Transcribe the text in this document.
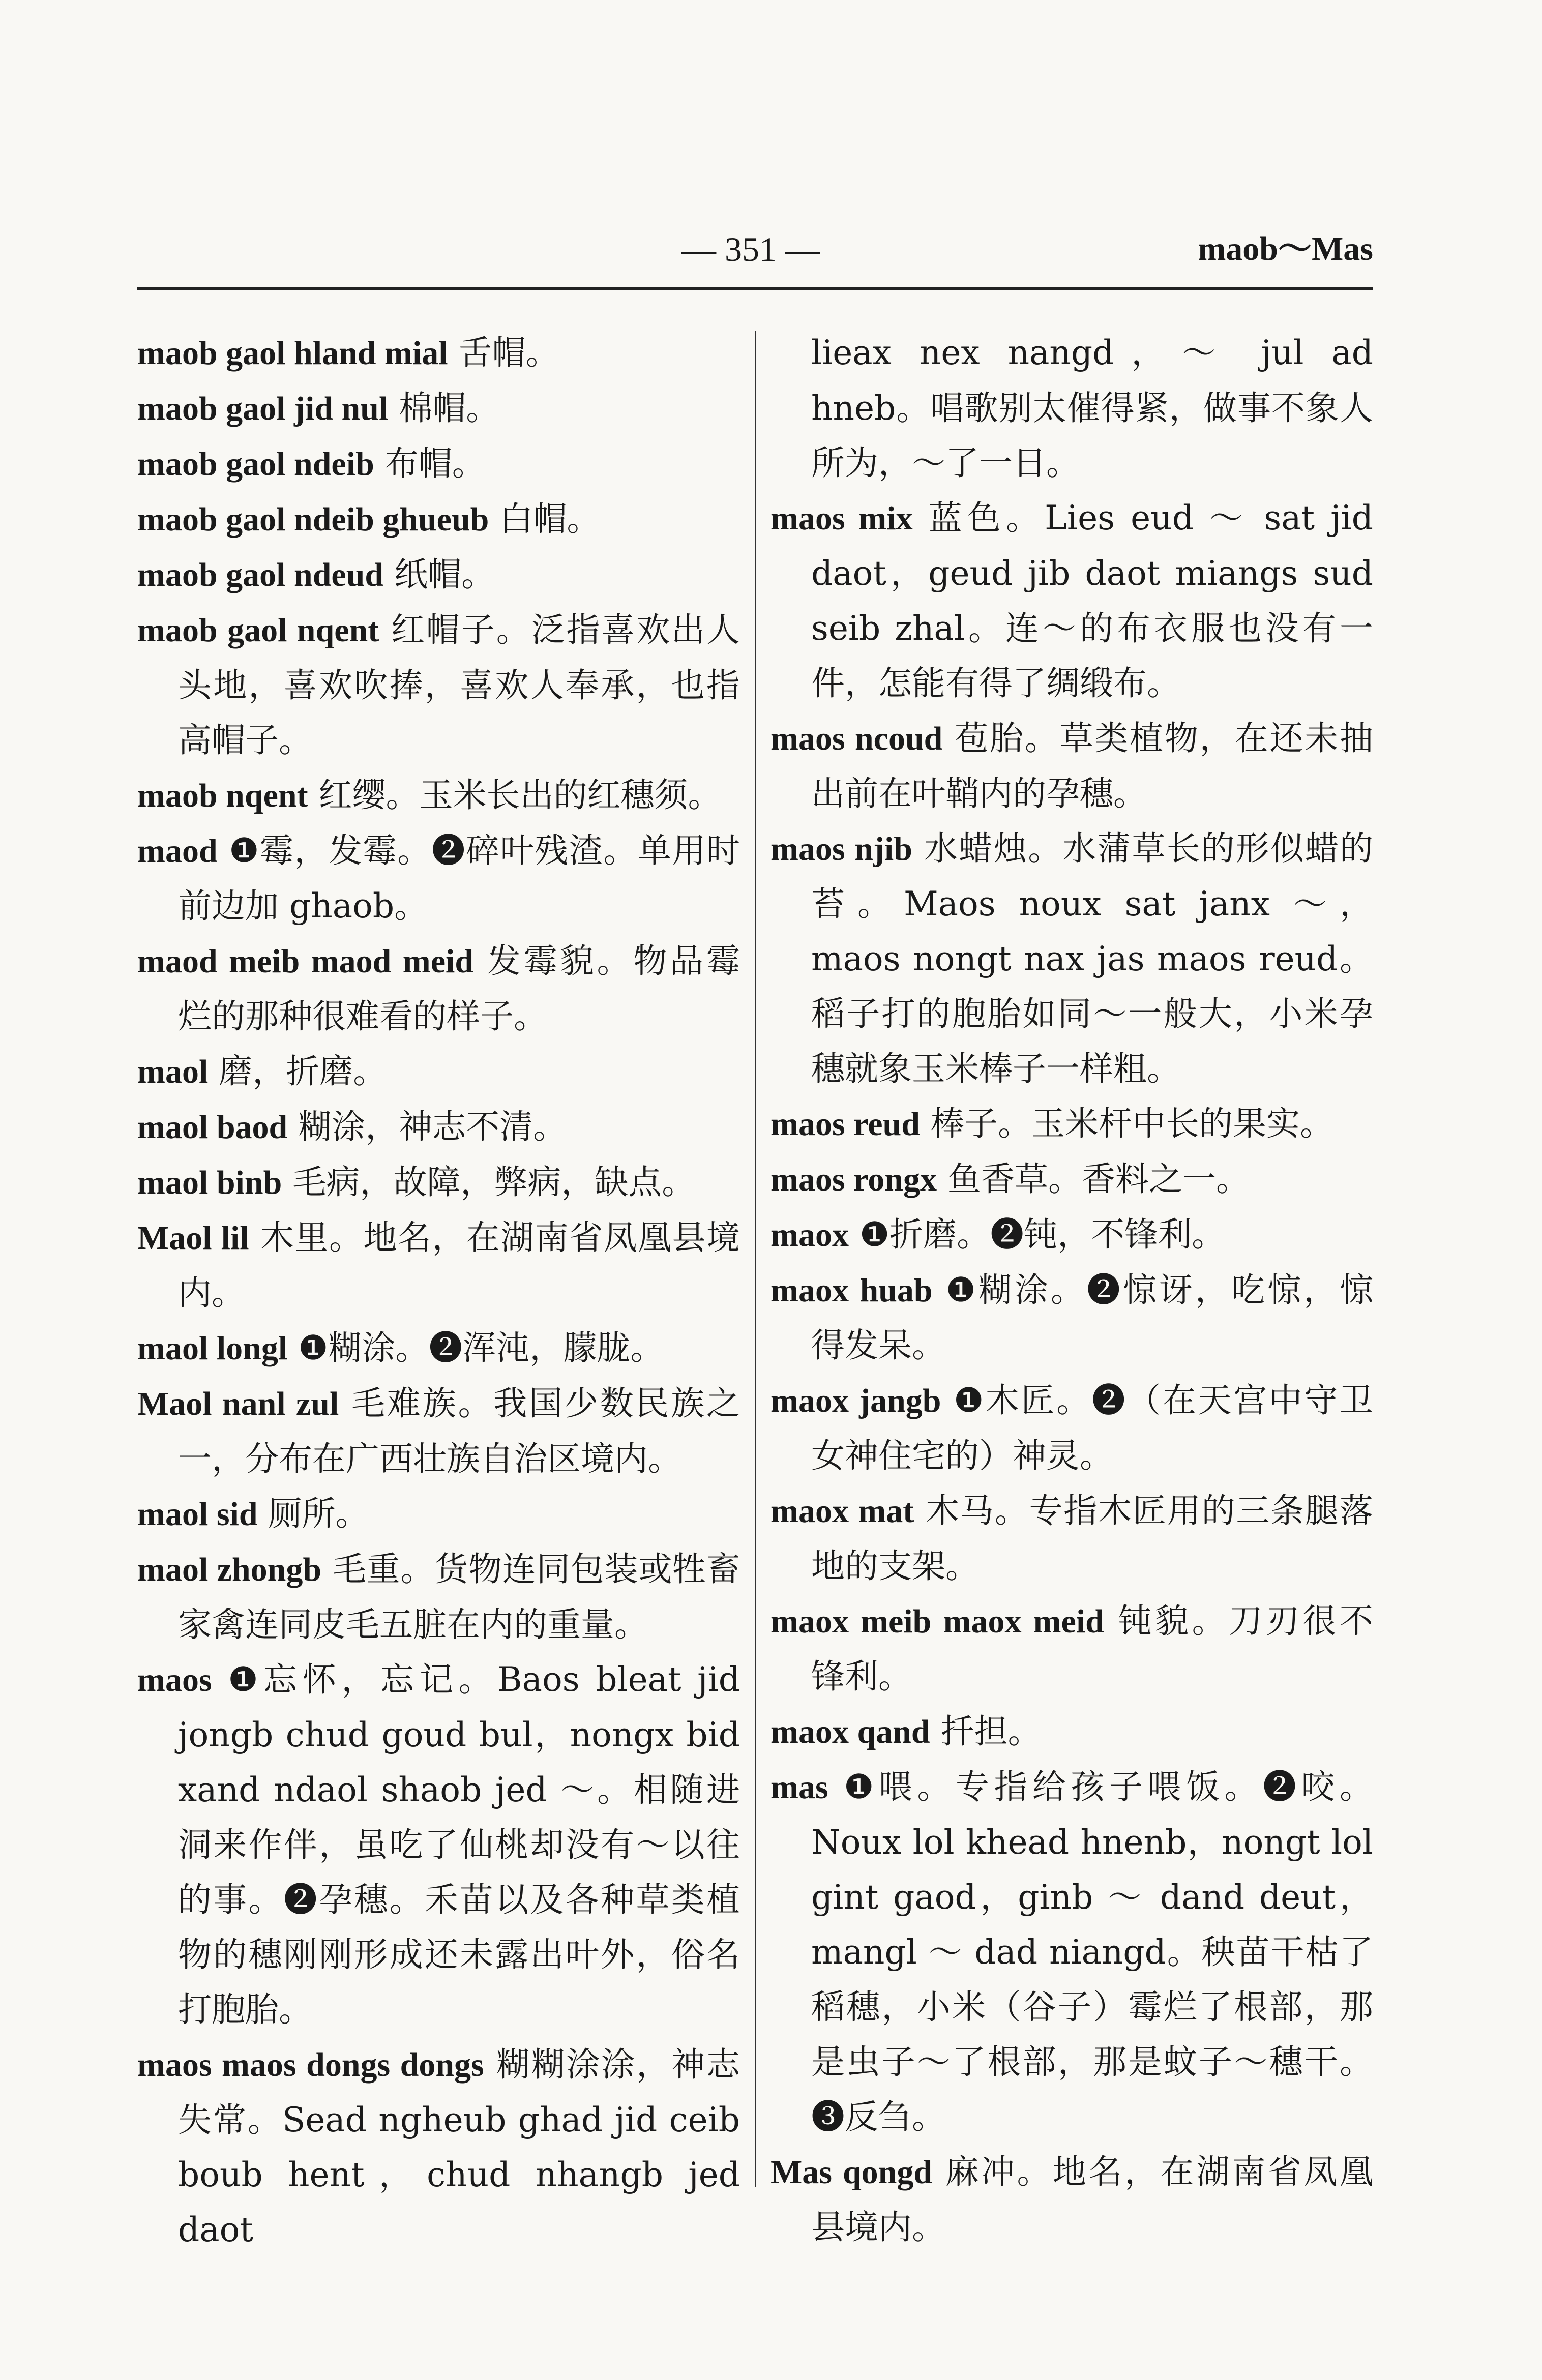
— 351 —	maob～Mas

maob gaol hland mial 舌帽。

maob gaol jid nul 棉帽。

maob gaol ndeib 布帽。

maob gaol ndeib ghueub 白帽。

maob gaol ndeud 纸帽。

maob gaol nqent 红帽子。泛指喜欢出人头地，喜欢吹捧，喜欢人奉承，也指高帽子。

maob nqent 红缨。玉米长出的红穗须。

maod ❶霉，发霉。❷碎叶残渣。单用时前边加 ghaob。

maod meib maod meid 发霉貌。物品霉烂的那种很难看的样子。

maol 磨，折磨。

maol baod 糊涂，神志不清。

maol binb 毛病，故障，弊病，缺点。

Maol lil 木里。地名，在湖南省凤凰县境内。

maol longl ❶糊涂。❷浑沌，朦胧。

Maol nanl zul 毛难族。我国少数民族之一，分布在广西壮族自治区境内。

maol sid 厕所。

maol zhongb 毛重。货物连同包装或牲畜家禽连同皮毛五脏在内的重量。

maos ❶忘怀，忘记。Baos bleat jid jongb chud goud bul，nongx bid xand ndaol shaob jed ～。相随进洞来作伴，虽吃了仙桃却没有～以往的事。❷孕穗。禾苗以及各种草类植物的穗刚刚形成还未露出叶外，俗名打胞胎。

maos maos dongs dongs 糊糊涂涂，神志失常。Sead ngheub ghad jid ceib boub hent，chud nhangb jed daot

lieax nex nangd，～ jul ad hneb。唱歌别太催得紧，做事不象人所为，～了一日。

maos mix 蓝色。Lies eud ～ sat jid daot，geud jib daot miangs sud seib zhal。连～的布衣服也没有一件，怎能有得了绸缎布。

maos ncoud 苞胎。草类植物，在还未抽出前在叶鞘内的孕穗。

maos njib 水蜡烛。水蒲草长的形似蜡的苔。Maos noux sat janx ～，maos nongt nax jas maos reud。稻子打的胞胎如同～一般大，小米孕穗就象玉米棒子一样粗。

maos reud 棒子。玉米杆中长的果实。

maos rongx 鱼香草。香料之一。

maox ❶折磨。❷钝，不锋利。

maox huab ❶糊涂。❷惊讶，吃惊，惊得发呆。

maox jangb ❶木匠。❷（在天宫中守卫女神住宅的）神灵。

maox mat 木马。专指木匠用的三条腿落地的支架。

maox meib maox meid 钝貌。刀刃很不锋利。

maox qand 扦担。

mas ❶喂。专指给孩子喂饭。❷咬。Noux lol khead hnenb，nongt lol gint gaod，ginb ～ dand deut，mangl ～ dad niangd。秧苗干枯了稻穗，小米（谷子）霉烂了根部，那是虫子～了根部，那是蚊子～穗干。❸反刍。

Mas qongd 麻冲。地名，在湖南省凤凰县境内。
